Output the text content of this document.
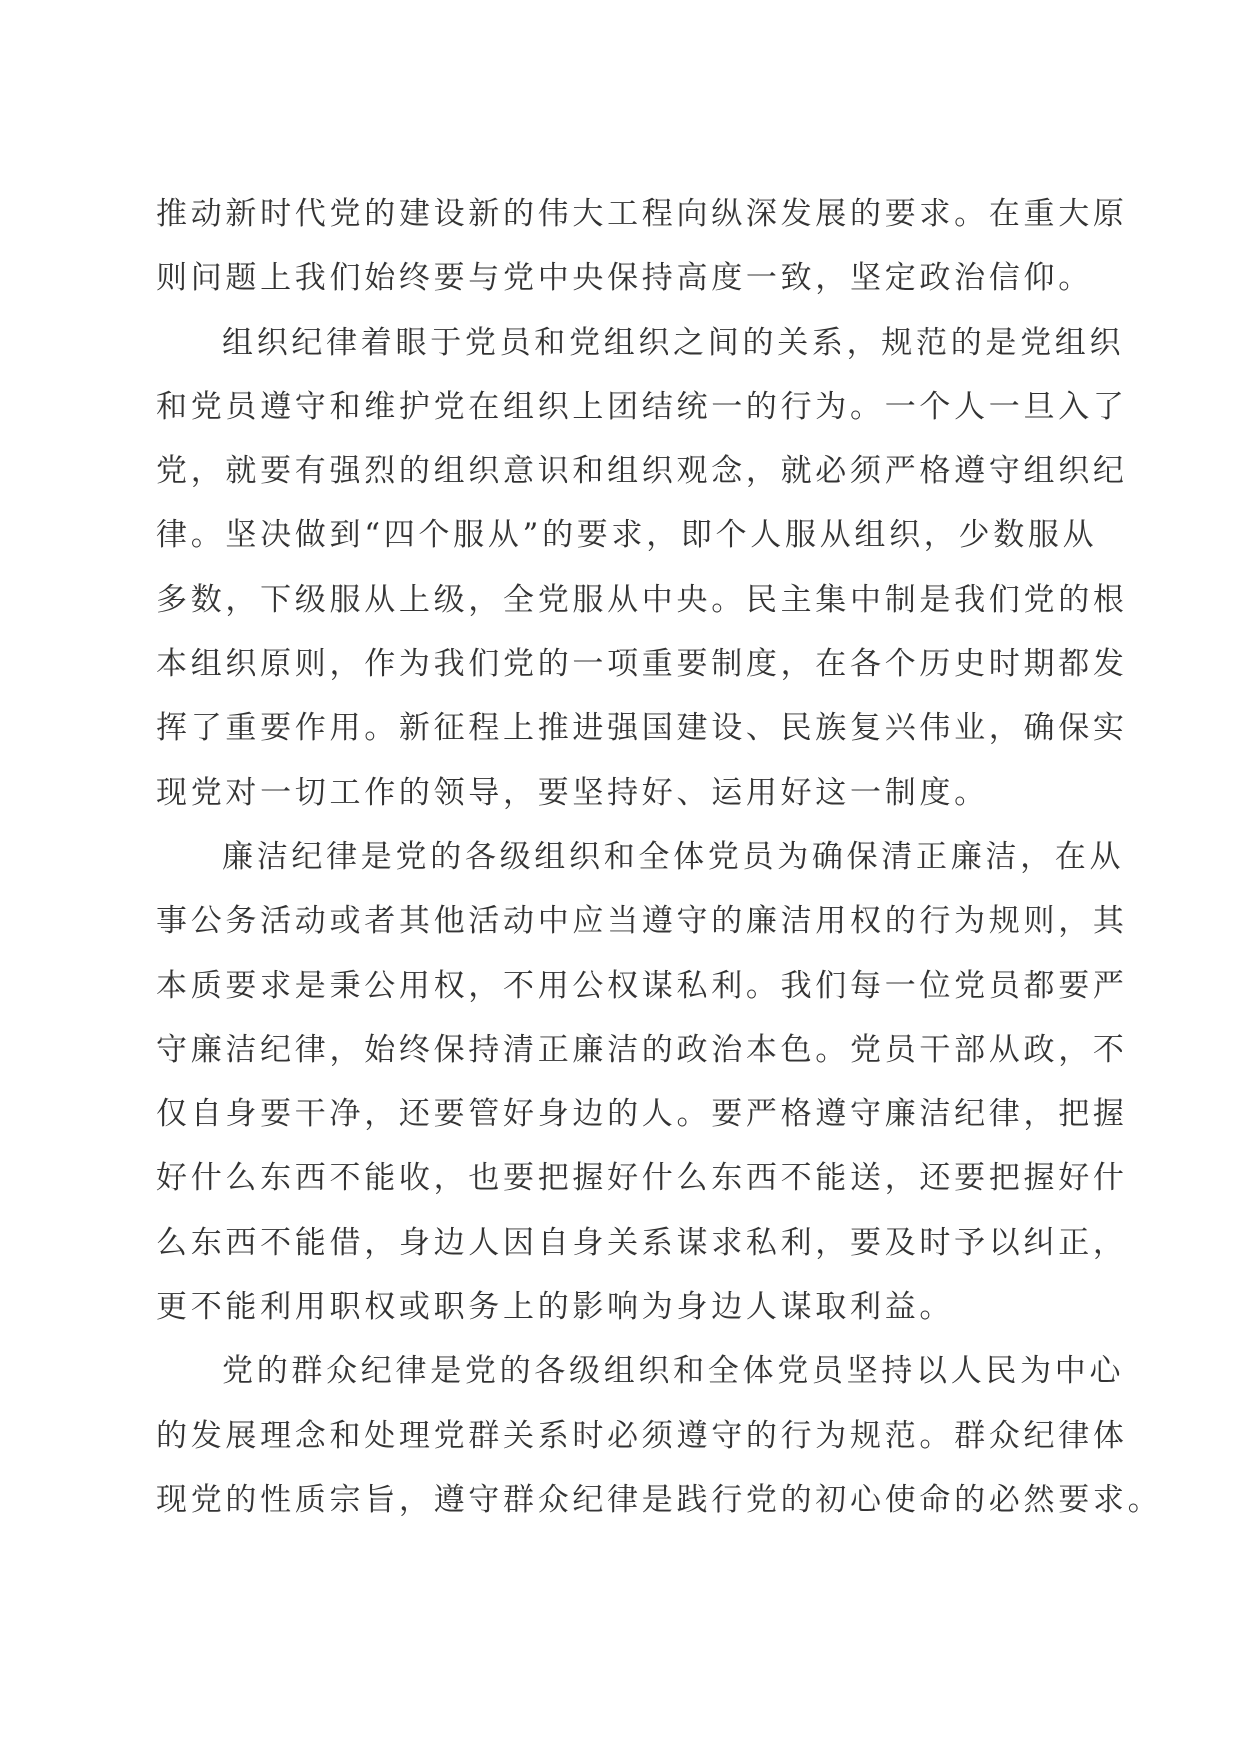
推动新时代党的建设新的伟大工程向纵深发展的要求。在重大原
则问题上我们始终要与党中央保持高度一致，坚定政治信仰。
组织纪律着眼于党员和党组织之间的关系，规范的是党组织
和党员遵守和维护党在组织上团结统一的行为。一个人一旦入了
党，就要有强烈的组织意识和组织观念，就必须严格遵守组织纪
律。坚决做到“四个服从”的要求，即个人服从组织，少数服从
多数，下级服从上级，全党服从中央。民主集中制是我们党的根
本组织原则，作为我们党的一项重要制度，在各个历史时期都发
挥了重要作用。新征程上推进强国建设、民族复兴伟业，确保实
现党对一切工作的领导，要坚持好、运用好这一制度。
廉洁纪律是党的各级组织和全体党员为确保清正廉洁，在从
事公务活动或者其他活动中应当遵守的廉洁用权的行为规则，其
本质要求是秉公用权，不用公权谋私利。我们每一位党员都要严
守廉洁纪律，始终保持清正廉洁的政治本色。党员干部从政，不
仅自身要干净，还要管好身边的人。要严格遵守廉洁纪律，把握
好什么东西不能收，也要把握好什么东西不能送，还要把握好什
么东西不能借，身边人因自身关系谋求私利，要及时予以纠正，
更不能利用职权或职务上的影响为身边人谋取利益。
党的群众纪律是党的各级组织和全体党员坚持以人民为中心
的发展理念和处理党群关系时必须遵守的行为规范。群众纪律体
现党的性质宗旨，遵守群众纪律是践行党的初心使命的必然要求。
